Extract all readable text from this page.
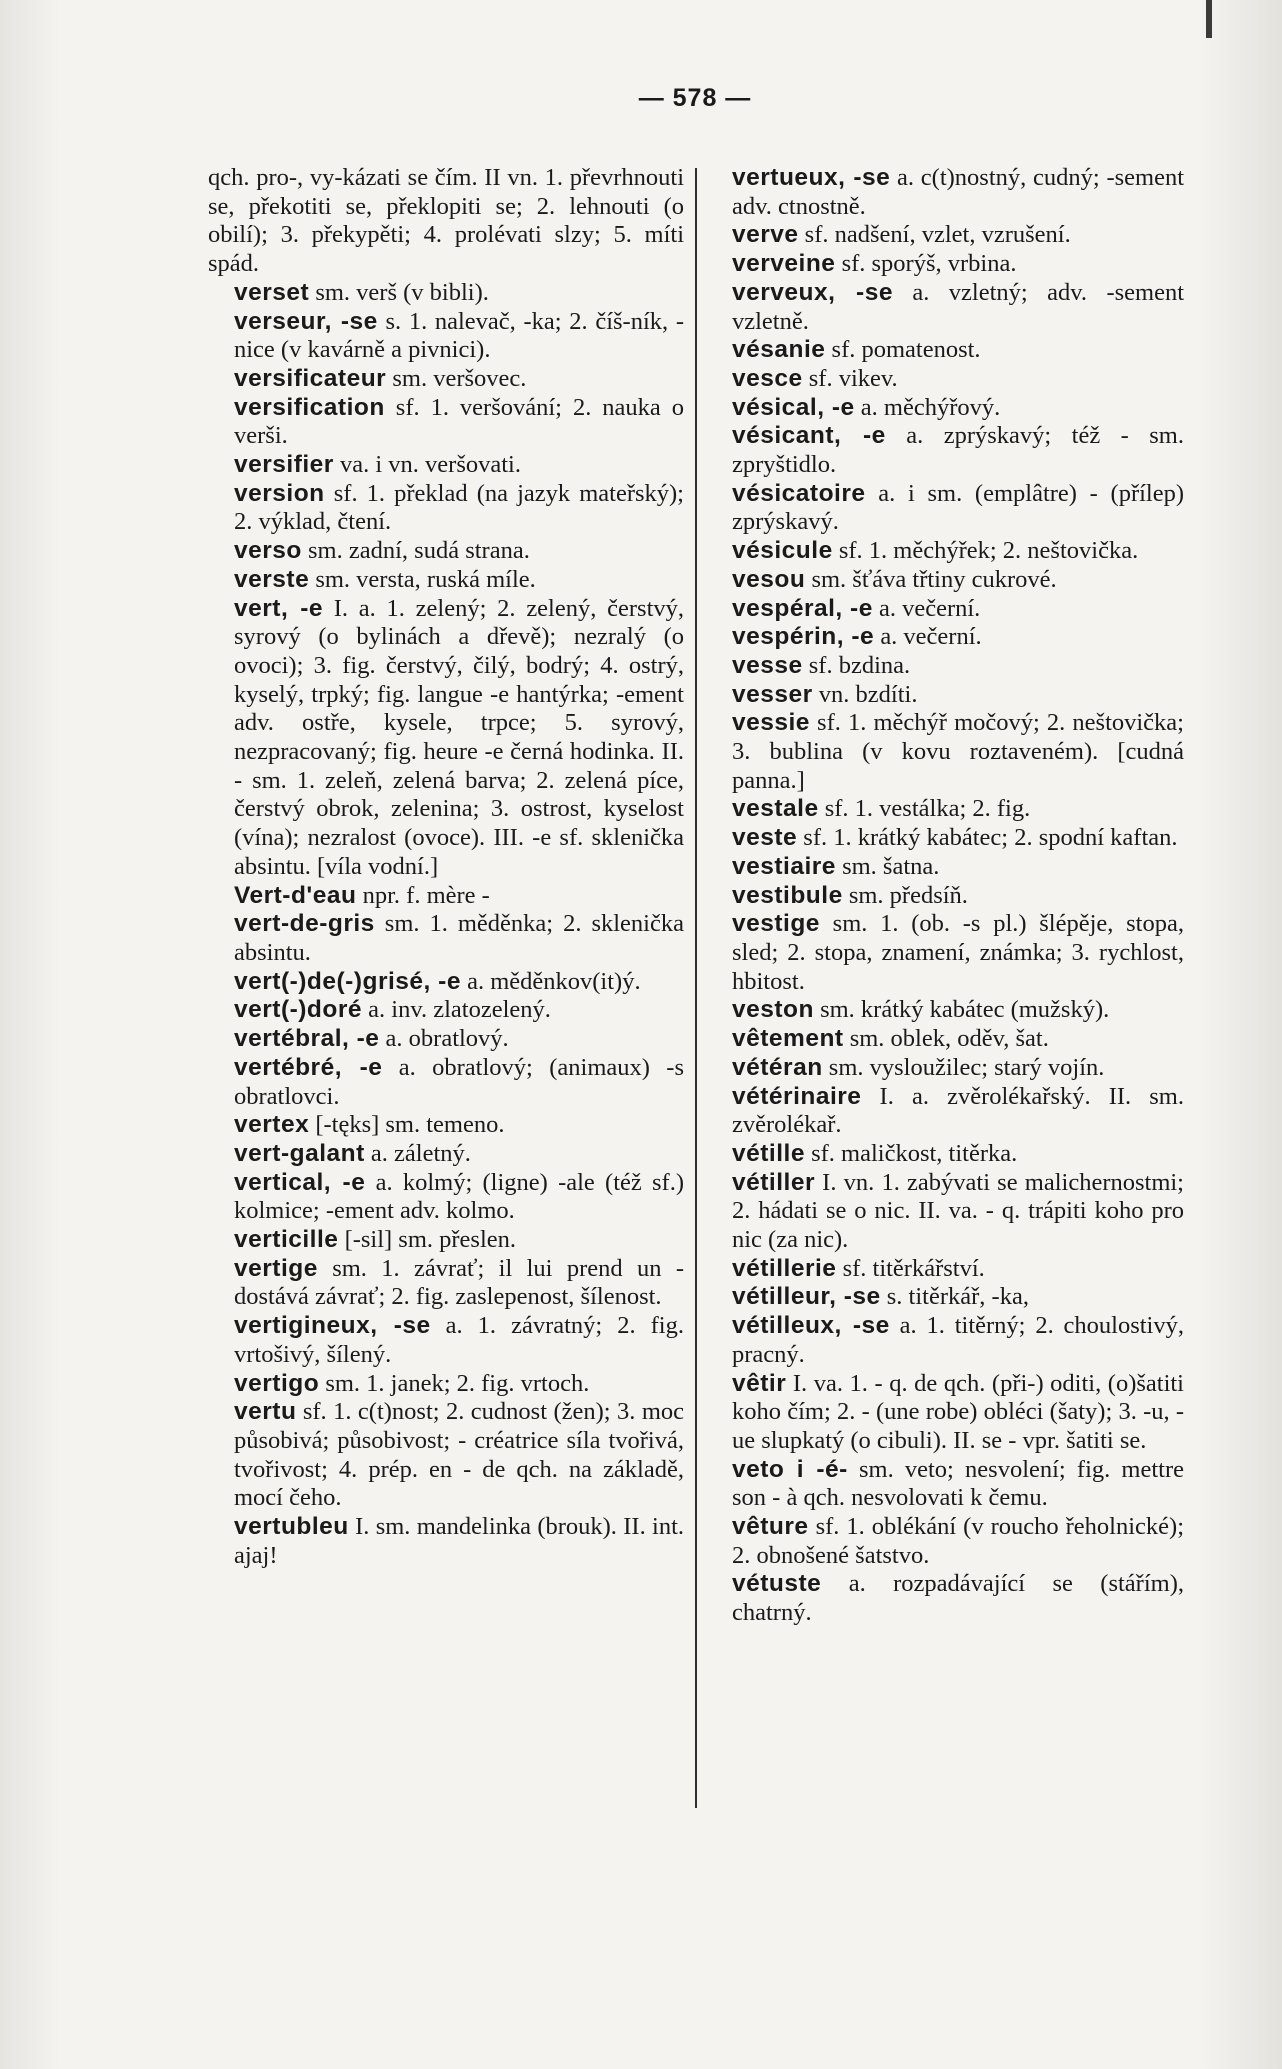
— 578 —
qch. pro-, vy-kázati se čím. II vn. 1. převrhnouti se, překotiti se, překlopiti se; 2. lehnouti (o obilí); 3. překypěti; 4. prolévati slzy; 5. míti spád.
verset sm. verš (v bibli).
verseur, -se s. 1. nalevač, -ka; 2. číš-ník, -nice (v kavárně a pivnici).
versificateur sm. veršovec.
versification sf. 1. veršování; 2. nauka o verši.
versifier va. i vn. veršovati.
version sf. 1. překlad (na jazyk mateřský); 2. výklad, čtení.
verso sm. zadní, sudá strana.
verste sm. versta, ruská míle.
vert, -e I. a. 1. zelený; 2. zelený, čerstvý, syrový (o bylinách a dřevě); nezralý (o ovoci); 3. fig. čerstvý, čilý, bodrý; 4. ostrý, kyselý, trpký; fig. langue -e hantýrka; -ement adv. ostře, kysele, trpce; 5. syrový, nezpracovaný; fig. heure -e černá hodinka. II. - sm. 1. zeleň, zelená barva; 2. zelená píce, čerstvý obrok, zelenina; 3. ostrost, kyselost (vína); nezralost (ovoce). III. -e sf. sklenička absintu. [víla vodní.]
Vert-d'eau npr. f. mère -
vert-de-gris sm. 1. měděnka; 2. sklenička absintu.
vert(-)de(-)grisé, -e a. měděnkov(it)ý.
vert(-)doré a. inv. zlatozelený.
vertébral, -e a. obratlový.
vertébré, -e a. obratlový; (animaux) -s obratlovci.
vertex [-tęks] sm. temeno.
vert-galant a. záletný.
vertical, -e a. kolmý; (ligne) -ale (též sf.) kolmice; -ement adv. kolmo.
verticille [-sil] sm. přeslen.
vertige sm. 1. závrať; il lui prend un - dostává závrať; 2. fig. zaslepenost, šílenost.
vertigineux, -se a. 1. závratný; 2. fig. vrtošivý, šílený.
vertigo sm. 1. janek; 2. fig. vrtoch.
vertu sf. 1. c(t)nost; 2. cudnost (žen); 3. moc působivá; působivost; - créatrice síla tvořivá, tvořivost; 4. prép. en - de qch. na základě, mocí čeho.
vertubleu I. sm. mandelinka (brouk). II. int. ajaj!
vertueux, -se a. c(t)nostný, cudný; -sement adv. ctnostně.
verve sf. nadšení, vzlet, vzrušení.
verveine sf. sporýš, vrbina.
verveux, -se a. vzletný; adv. -sement vzletně.
vésanie sf. pomatenost.
vesce sf. vikev.
vésical, -e a. měchýřový.
vésicant, -e a. zprýskavý; též - sm. zpryštidlo.
vésicatoire a. i sm. (emplâtre) - (přílep) zprýskavý.
vésicule sf. 1. měchýřek; 2. neštovička.
vesou sm. šťáva třtiny cukrové.
vespéral, -e a. večerní.
vespérin, -e a. večerní.
vesse sf. bzdina.
vesser vn. bzdíti.
vessie sf. 1. měchýř močový; 2. neštovička; 3. bublina (v kovu roztaveném). [cudná panna.]
vestale sf. 1. vestálka; 2. fig.
veste sf. 1. krátký kabátec; 2. spodní kaftan.
vestiaire sm. šatna.
vestibule sm. předsíň.
vestige sm. 1. (ob. -s pl.) šlépěje, stopa, sled; 2. stopa, znamení, známka; 3. rychlost, hbitost.
veston sm. krátký kabátec (mužský).
vêtement sm. oblek, oděv, šat.
vétéran sm. vysloužilec; starý vojín.
vétérinaire I. a. zvěrolékařský. II. sm. zvěrolékař.
vétille sf. maličkost, titěrka.
vétiller I. vn. 1. zabývati se malichernostmi; 2. hádati se o nic. II. va. - q. trápiti koho pro nic (za nic).
vétillerie sf. titěrkářství.
vétilleur, -se s. titěrkář, -ka,
vétilleux, -se a. 1. titěrný; 2. choulostivý, pracný.
vêtir I. va. 1. - q. de qch. (při-) oditi, (o)šatiti koho čím; 2. - (une robe) obléci (šaty); 3. -u, -ue slupkatý (o cibuli). II. se - vpr. šatiti se.
veto i -é- sm. veto; nesvolení; fig. mettre son - à qch. nesvolovati k čemu.
vêture sf. 1. oblékání (v roucho řeholnické); 2. obnošené šatstvo.
vétuste a. rozpadávající se (stářím), chatrný.
